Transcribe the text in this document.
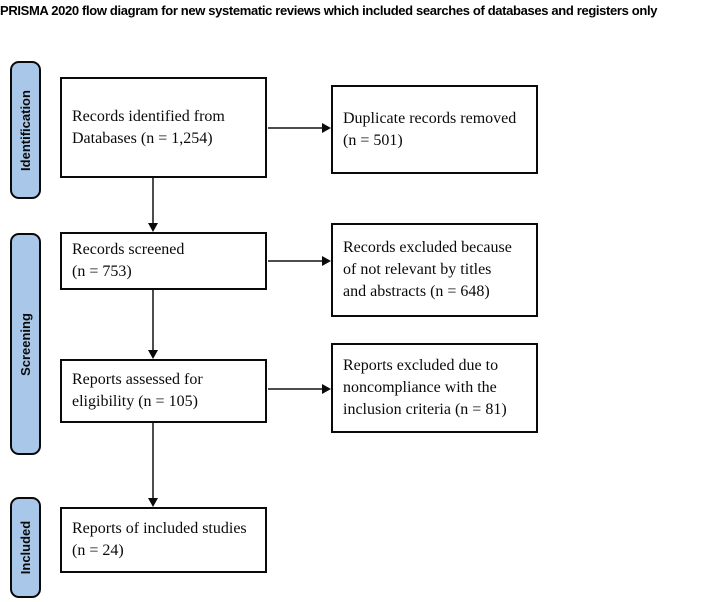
PRISMA 2020 flow diagram for new systematic reviews which included searches of databases and registers only
Identification
Screening
Included
Records identified from
Databases (n = 1,254)
Records screened
(n = 753)
Reports assessed for
eligibility (n = 105)
Reports of included studies
(n = 24)
Duplicate records removed
(n = 501)
Records excluded because
of not relevant by titles
and abstracts (n = 648)
Reports excluded due to
noncompliance with the
inclusion criteria (n = 81)
